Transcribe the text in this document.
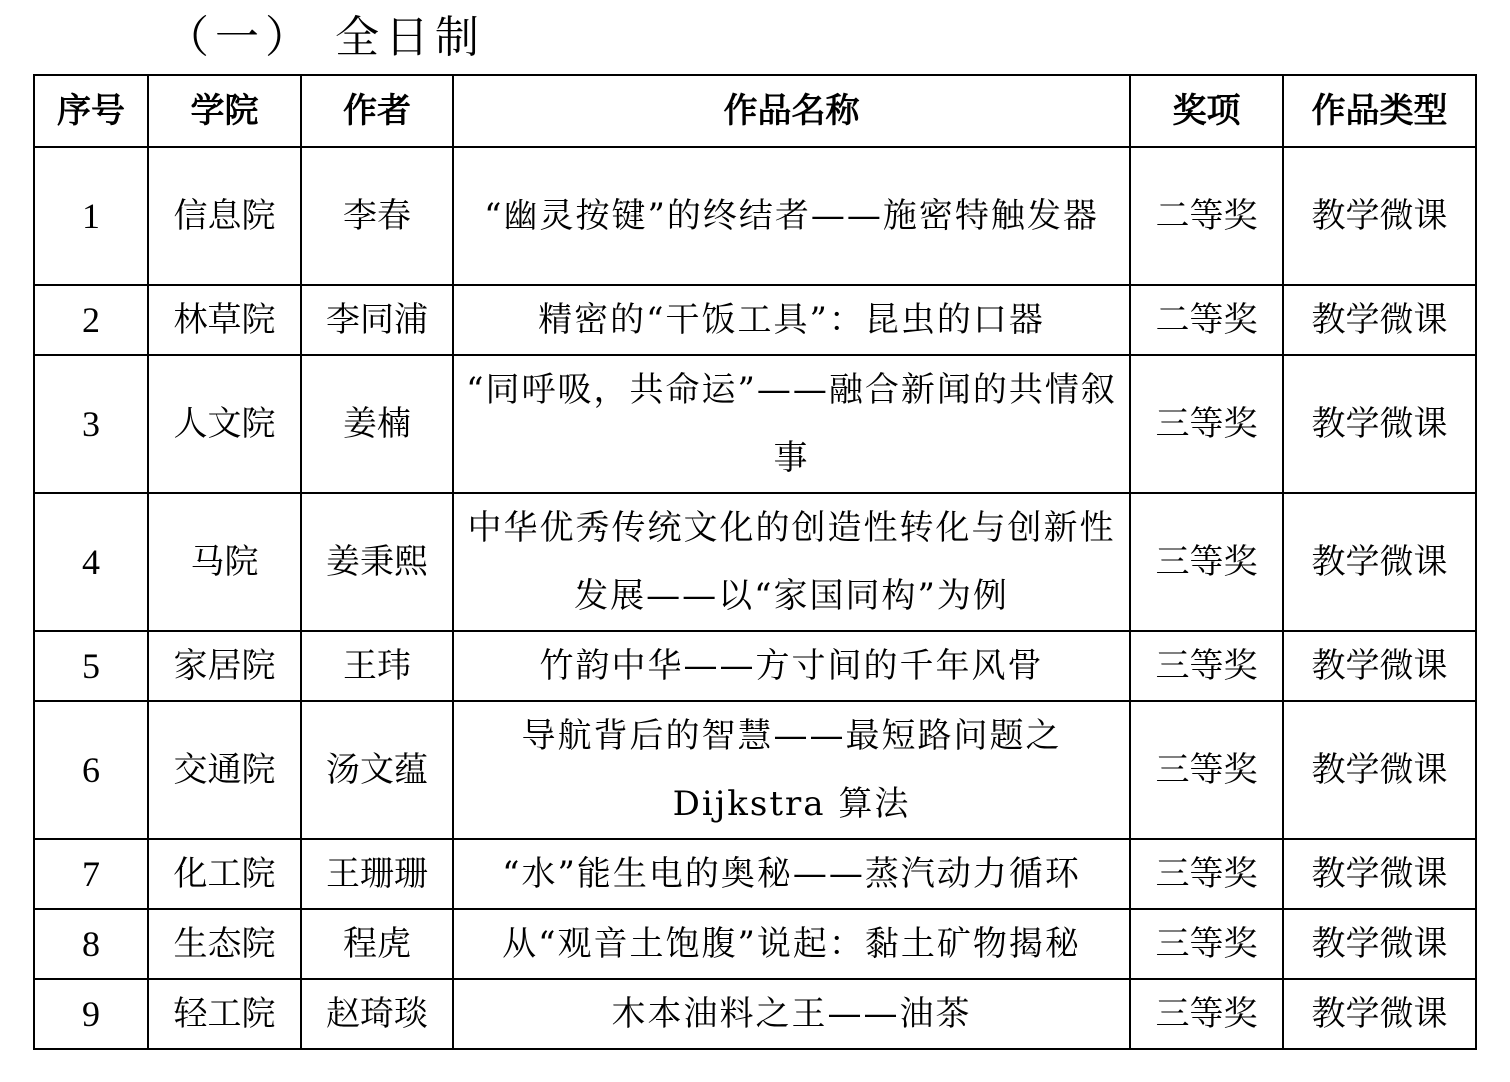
（一） 全日制
序号	学院	作者	作品名称	奖项	作品类型
1	信息院	李春	“幽灵按键”的终结者——施密特触发器	二等奖	教学微课
2	林草院	李同浦	精密的“干饭工具”：昆虫的口器	二等奖	教学微课
3	人文院	姜楠	“同呼吸，共命运”——融合新闻的共情叙事	三等奖	教学微课
4	马院	姜秉熙	中华优秀传统文化的创造性转化与创新性发展——以“家国同构”为例	三等奖	教学微课
5	家居院	王玮	竹韵中华——方寸间的千年风骨	三等奖	教学微课
6	交通院	汤文蕴	导航背后的智慧——最短路问题之 Dijkstra 算法	三等奖	教学微课
7	化工院	王珊珊	“水”能生电的奥秘——蒸汽动力循环	三等奖	教学微课
8	生态院	程虎	从“观音土饱腹”说起：黏土矿物揭秘	三等奖	教学微课
9	轻工院	赵琦琰	木本油料之王——油茶	三等奖	教学微课
